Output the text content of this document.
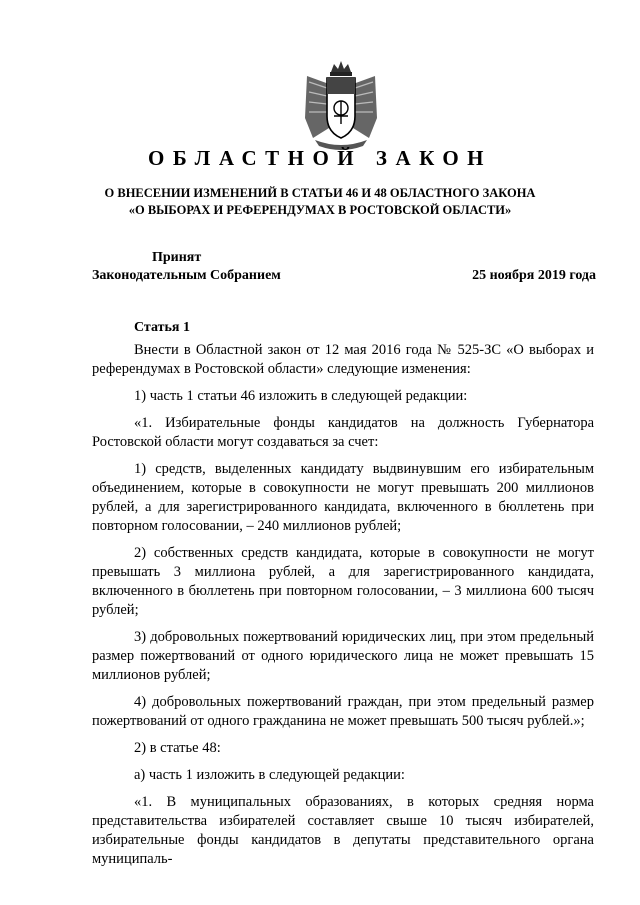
ОБЛАСТНОЙ ЗАКОН
О ВНЕСЕНИИ ИЗМЕНЕНИЙ В СТАТЬИ 46 И 48 ОБЛАСТНОГО ЗАКОНА
«О ВЫБОРАХ И РЕФЕРЕНДУМАХ В РОСТОВСКОЙ ОБЛАСТИ»
Принят
Законодательным Собранием	25 ноября 2019 года
Статья 1

Внести в Областной закон от 12 мая 2016 года № 525-ЗС «О выборах и референдумах в Ростовской области» следующие изменения:

1) часть 1 статьи 46 изложить в следующей редакции:

«1. Избирательные фонды кандидатов на должность Губернатора Ростовской области могут создаваться за счет:

1) средств, выделенных кандидату выдвинувшим его избирательным объединением, которые в совокупности не могут превышать 200 миллионов рублей, а для зарегистрированного кандидата, включенного в бюллетень при повторном голосовании, – 240 миллионов рублей;

2) собственных средств кандидата, которые в совокупности не могут превышать 3 миллиона рублей, а для зарегистрированного кандидата, включенного в бюллетень при повторном голосовании, – 3 миллиона 600 тысяч рублей;

3) добровольных пожертвований юридических лиц, при этом предельный размер пожертвований от одного юридического лица не может превышать 15 миллионов рублей;

4) добровольных пожертвований граждан, при этом предельный размер пожертвований от одного гражданина не может превышать 500 тысяч рублей.»;

2) в статье 48:

а) часть 1 изложить в следующей редакции:

«1. В муниципальных образованиях, в которых средняя норма представительства избирателей составляет свыше 10 тысяч избирателей, избирательные фонды кандидатов в депутаты представительного органа муниципаль-
